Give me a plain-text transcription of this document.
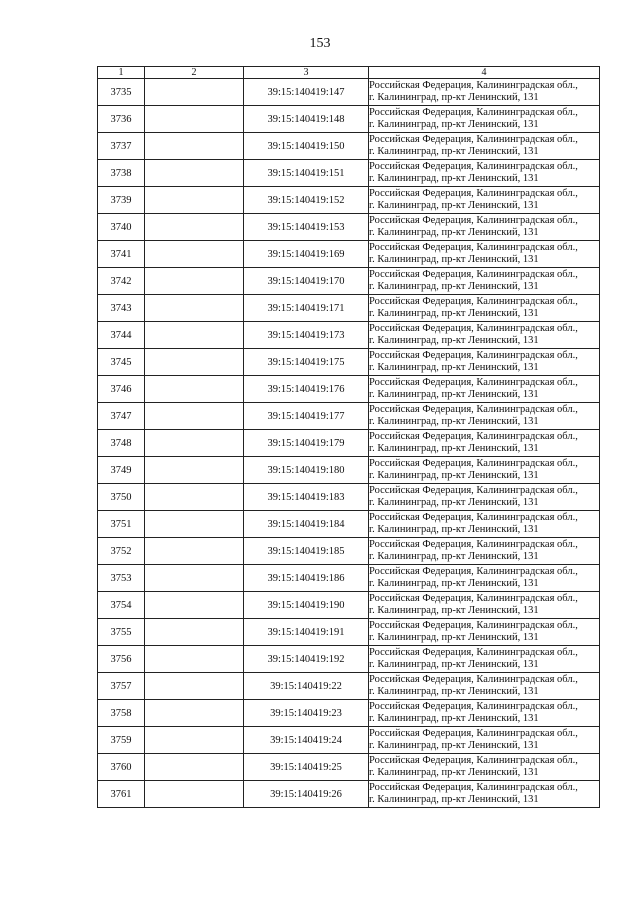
153
1	2	3	4
3735		39:15:140419:147	Российская Федерация, Калининградская обл.,
г. Калининград, пр-кт Ленинский, 131

3736		39:15:140419:148	Российская Федерация, Калининградская обл.,
г. Калининград, пр-кт Ленинский, 131

3737		39:15:140419:150	Российская Федерация, Калининградская обл.,
г. Калининград, пр-кт Ленинский, 131

3738		39:15:140419:151	Российская Федерация, Калининградская обл.,
г. Калининград, пр-кт Ленинский, 131

3739		39:15:140419:152	Российская Федерация, Калининградская обл.,
г. Калининград, пр-кт Ленинский, 131

3740		39:15:140419:153	Российская Федерация, Калининградская обл.,
г. Калининград, пр-кт Ленинский, 131

3741		39:15:140419:169	Российская Федерация, Калининградская обл.,
г. Калининград, пр-кт Ленинский, 131

3742		39:15:140419:170	Российская Федерация, Калининградская обл.,
г. Калининград, пр-кт Ленинский, 131

3743		39:15:140419:171	Российская Федерация, Калининградская обл.,
г. Калининград, пр-кт Ленинский, 131

3744		39:15:140419:173	Российская Федерация, Калининградская обл.,
г. Калининград, пр-кт Ленинский, 131

3745		39:15:140419:175	Российская Федерация, Калининградская обл.,
г. Калининград, пр-кт Ленинский, 131

3746		39:15:140419:176	Российская Федерация, Калининградская обл.,
г. Калининград, пр-кт Ленинский, 131

3747		39:15:140419:177	Российская Федерация, Калининградская обл.,
г. Калининград, пр-кт Ленинский, 131

3748		39:15:140419:179	Российская Федерация, Калининградская обл.,
г. Калининград, пр-кт Ленинский, 131

3749		39:15:140419:180	Российская Федерация, Калининградская обл.,
г. Калининград, пр-кт Ленинский, 131

3750		39:15:140419:183	Российская Федерация, Калининградская обл.,
г. Калининград, пр-кт Ленинский, 131

3751		39:15:140419:184	Российская Федерация, Калининградская обл.,
г. Калининград, пр-кт Ленинский, 131

3752		39:15:140419:185	Российская Федерация, Калининградская обл.,
г. Калининград, пр-кт Ленинский, 131

3753		39:15:140419:186	Российская Федерация, Калининградская обл.,
г. Калининград, пр-кт Ленинский, 131

3754		39:15:140419:190	Российская Федерация, Калининградская обл.,
г. Калининград, пр-кт Ленинский, 131

3755		39:15:140419:191	Российская Федерация, Калининградская обл.,
г. Калининград, пр-кт Ленинский, 131

3756		39:15:140419:192	Российская Федерация, Калининградская обл.,
г. Калининград, пр-кт Ленинский, 131

3757		39:15:140419:22	Российская Федерация, Калининградская обл.,
г. Калининград, пр-кт Ленинский, 131

3758		39:15:140419:23	Российская Федерация, Калининградская обл.,
г. Калининград, пр-кт Ленинский, 131

3759		39:15:140419:24	Российская Федерация, Калининградская обл.,
г. Калининград, пр-кт Ленинский, 131

3760		39:15:140419:25	Российская Федерация, Калининградская обл.,
г. Калининград, пр-кт Ленинский, 131

3761		39:15:140419:26	Российская Федерация, Калининградская обл.,
г. Калининград, пр-кт Ленинский, 131
